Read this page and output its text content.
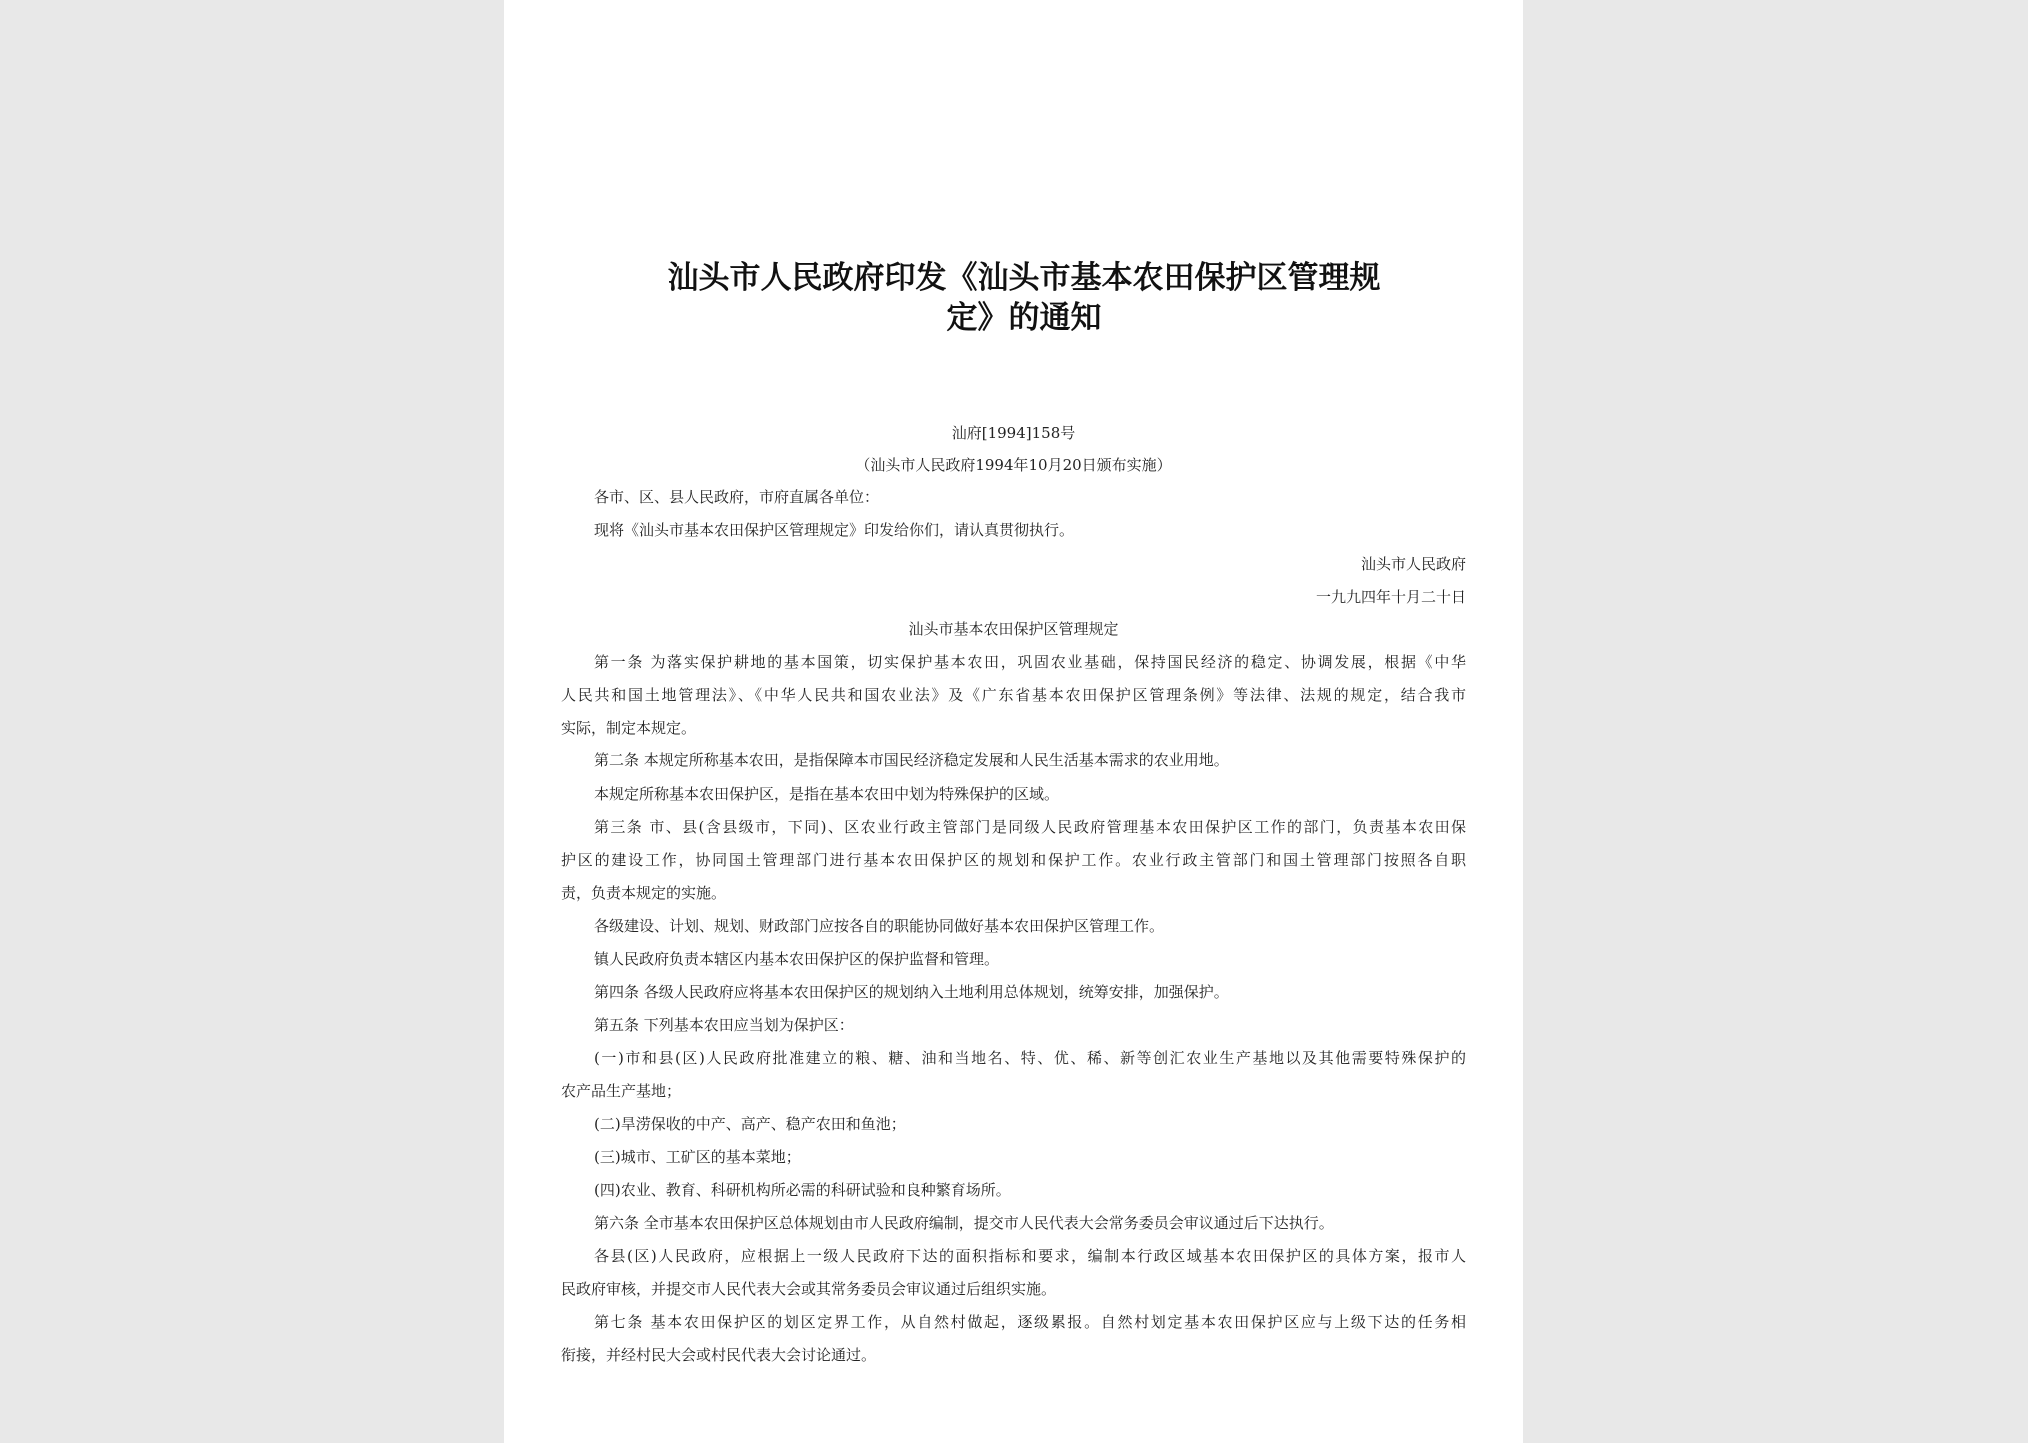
汕头市人民政府印发《汕头市基本农田保护区管理规
定》的通知
汕府[1994]158号
（汕头市人民政府1994年10月20日颁布实施）
各市、区、县人民政府，市府直属各单位：
现将《汕头市基本农田保护区管理规定》印发给你们，请认真贯彻执行。
汕头市人民政府
一九九四年十月二十日
汕头市基本农田保护区管理规定
第一条 为落实保护耕地的基本国策，切实保护基本农田，巩固农业基础，保持国民经济的稳定、协调发展，根据《中华
人民共和国土地管理法》、《中华人民共和国农业法》及《广东省基本农田保护区管理条例》等法律、法规的规定，结合我市
实际，制定本规定。
第二条 本规定所称基本农田，是指保障本市国民经济稳定发展和人民生活基本需求的农业用地。
本规定所称基本农田保护区，是指在基本农田中划为特殊保护的区域。
第三条 市、县(含县级市，下同)、区农业行政主管部门是同级人民政府管理基本农田保护区工作的部门，负责基本农田保
护区的建设工作，协同国土管理部门进行基本农田保护区的规划和保护工作。农业行政主管部门和国土管理部门按照各自职
责，负责本规定的实施。
各级建设、计划、规划、财政部门应按各自的职能协同做好基本农田保护区管理工作。
镇人民政府负责本辖区内基本农田保护区的保护监督和管理。
第四条 各级人民政府应将基本农田保护区的规划纳入土地利用总体规划，统筹安排，加强保护。
第五条 下列基本农田应当划为保护区：
(一)市和县(区)人民政府批准建立的粮、糖、油和当地名、特、优、稀、新等创汇农业生产基地以及其他需要特殊保护的
农产品生产基地；
(二)旱涝保收的中产、高产、稳产农田和鱼池；
(三)城市、工矿区的基本菜地；
(四)农业、教育、科研机构所必需的科研试验和良种繁育场所。
第六条 全市基本农田保护区总体规划由市人民政府编制，提交市人民代表大会常务委员会审议通过后下达执行。
各县(区)人民政府，应根据上一级人民政府下达的面积指标和要求，编制本行政区域基本农田保护区的具体方案，报市人
民政府审核，并提交市人民代表大会或其常务委员会审议通过后组织实施。
第七条 基本农田保护区的划区定界工作，从自然村做起，逐级累报。自然村划定基本农田保护区应与上级下达的任务相
衔接，并经村民大会或村民代表大会讨论通过。
